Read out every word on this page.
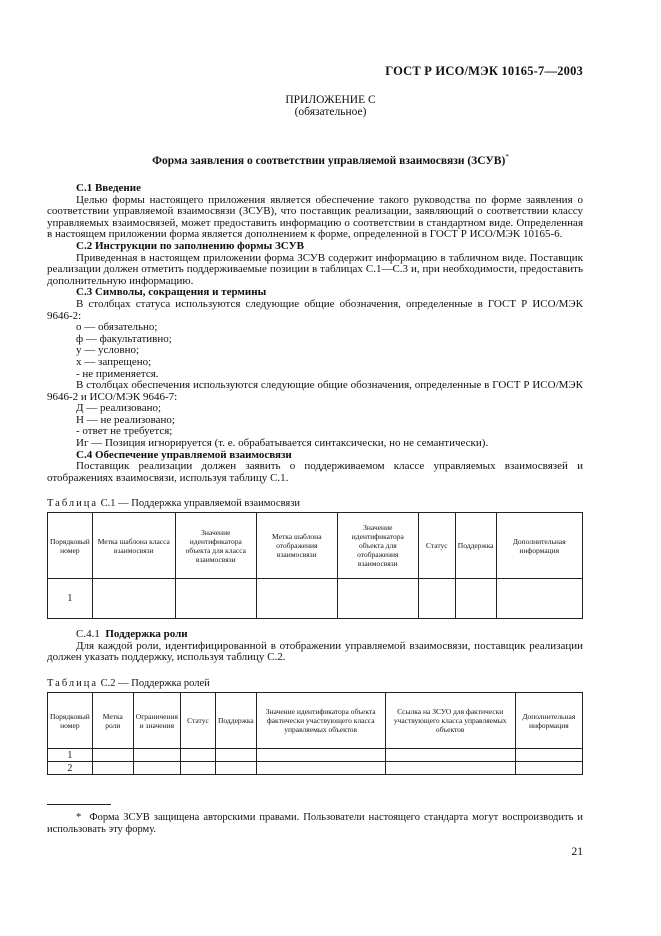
ГОСТ Р ИСО/МЭК 10165-7—2003
ПРИЛОЖЕНИЕ С
(обязательное)
Форма заявления о соответствии управляемой взаимосвязи (ЗСУВ)*

С.1 Введение

Целью формы настоящего приложения является обеспечение такого руководства по форме заявления о соответствии управляемой взаимосвязи (ЗСУВ), что поставщик реализации, заявляющий о соответствии классу управляемых взаимосвязей, может предоставить информацию о соответствии в стандартном виде. Определенная в настоящем приложении форма является дополнением к форме, определенной в ГОСТ Р ИСО/МЭК 10165-6.

С.2 Инструкции по заполнению формы ЗСУВ

Приведенная в настоящем приложении форма ЗСУВ содержит информацию в табличном виде. Поставщик реализации должен отметить поддерживаемые позиции в таблицах С.1—С.3 и, при необходимости, предоставить дополнительную информацию.

С.3 Символы, сокращения и термины

В столбцах статуса используются следующие общие обозначения, определенные в ГОСТ Р ИСО/МЭК 9646-2:

о — обязательно;

ф — факультативно;

у — условно;

х — запрещено;

- не применяется.

В столбцах обеспечения используются следующие общие обозначения, определенные в ГОСТ Р ИСО/МЭК 9646-2 и ИСО/МЭК 9646-7:

Д — реализовано;

Н — не реализовано;

- ответ не требуется;

Иг — Позиция игнорируется (т. е. обрабатывается синтаксически, но не семантически).

С.4 Обеспечение управляемой взаимосвязи

Поставщик реализации должен заявить о поддерживаемом классе управляемых взаимосвязей и отображениях взаимосвязи, используя таблицу С.1.

Таблица С.1 — Поддержка управляемой взаимосвязи
Порядковый номер	Метка шаблона класса взаимосвязи	Значение идентификатора объекта для класса взаимосвязи	Метка шаблона отображения взаимосвязи	Значение идентификатора объекта для отображения взаимосвязи	Статус	Поддержка	Дополнительная информация
1							

С.4.1 Поддержка роли

Для каждой роли, идентифицированной в отображении управляемой взаимосвязи, поставщик реализации должен указать поддержку, используя таблицу С.2.

Таблица С.2 — Поддержка ролей
Порядковый номер	Метка роли	Ограничения и значения	Статус	Поддержка	Значение идентификатора объекта фактически участвующего класса управляемых объектов	Ссылка на ЗСУО для фактически участвующего класса управляемых объектов	Дополнительная информация
1							
2							
* Форма ЗСУВ защищена авторскими правами. Пользователи настоящего стандарта могут воспроизводить и использовать эту форму.
21
